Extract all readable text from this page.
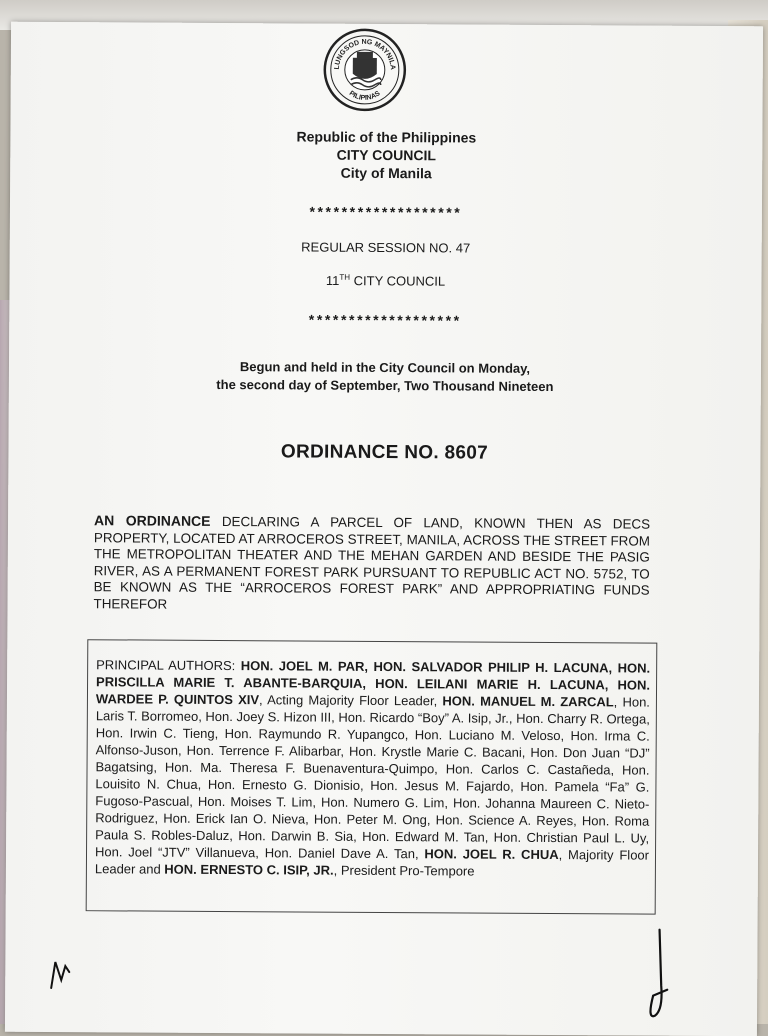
LUNGSOD NG MAYNILA
PILIPINAS
Republic of the Philippines
CITY COUNCIL
City of Manila
*******************
REGULAR SESSION NO. 47
11TH CITY COUNCIL
*******************
Begun and held in the City Council on Monday,
the second day of September, Two Thousand Nineteen
ORDINANCE NO. 8607
AN ORDINANCE DECLARING A PARCEL OF LAND, KNOWN THEN AS DECS PROPERTY, LOCATED AT ARROCEROS STREET, MANILA, ACROSS THE STREET FROM THE METROPOLITAN THEATER AND THE MEHAN GARDEN AND BESIDE THE PASIG RIVER, AS A PERMANENT FOREST PARK PURSUANT TO REPUBLIC ACT NO. 5752, TO BE KNOWN AS THE “ARROCEROS FOREST PARK” AND APPROPRIATING FUNDS THEREFOR
PRINCIPAL AUTHORS: HON. JOEL M. PAR, HON. SALVADOR PHILIP H. LACUNA, HON. PRISCILLA MARIE T. ABANTE-BARQUIA, HON. LEILANI MARIE H. LACUNA, HON. WARDEE P. QUINTOS XIV, Acting Majority Floor Leader, HON. MANUEL M. ZARCAL, Hon. Laris T. Borromeo, Hon. Joey S. Hizon III, Hon. Ricardo “Boy” A. Isip, Jr., Hon. Charry R. Ortega, Hon. Irwin C. Tieng, Hon. Raymundo R. Yupangco, Hon. Luciano M. Veloso, Hon. Irma C. Alfonso-Juson, Hon. Terrence F. Alibarbar, Hon. Krystle Marie C. Bacani, Hon. Don Juan “DJ” Bagatsing, Hon. Ma. Theresa F. Buenaventura-Quimpo, Hon. Carlos C. Castañeda, Hon. Louisito N. Chua, Hon. Ernesto G. Dionisio, Hon. Jesus M. Fajardo, Hon. Pamela “Fa” G. Fugoso-Pascual, Hon. Moises T. Lim, Hon. Numero G. Lim, Hon. Johanna Maureen C. Nieto-Rodriguez, Hon. Erick Ian O. Nieva, Hon. Peter M. Ong, Hon. Science A. Reyes, Hon. Roma Paula S. Robles-Daluz, Hon. Darwin B. Sia, Hon. Edward M. Tan, Hon. Christian Paul L. Uy, Hon. Joel “JTV” Villanueva, Hon. Daniel Dave A. Tan, HON. JOEL R. CHUA, Majority Floor Leader and HON. ERNESTO C. ISIP, JR., President Pro-Tempore
